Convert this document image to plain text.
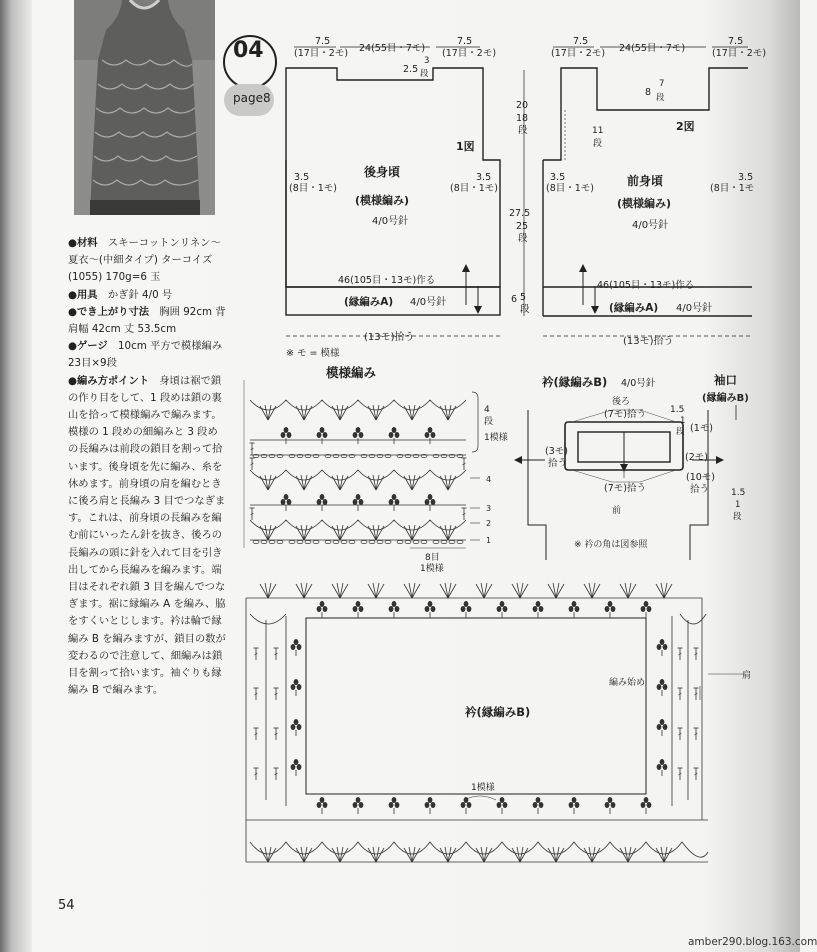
04
page8

●材料　 スキーコットンリネン～夏衣～(中細タイプ) ターコイズ(1055) 170g=6 玉

●用具　 かぎ針 4/0 号

●でき上がり寸法　 胸囲 92cm 背肩幅 42cm 丈 53.5cm

●ゲージ　 10cm 平方で模様編み 23目×9段

●編み方ポイント　 身頃は裾で鎖の作り目をして、1 段めは鎖の裏山を拾って模様編みで編みます。模様の 1 段めの細編みと 3 段めの長編みは前段の鎖目を割って拾います。後身頃を先に編み、糸を休めます。前身頃の肩を編むときに後ろ肩と長編み 3 目でつなぎます。これは、前身頃の長編みを編む前にいったん針を抜き、後ろの長編みの頭に針を入れて目を引き出してから長編みを編みます。端目はそれぞれ鎖 3 目を編んでつなぎます。裾に縁編み A を編み、脇をすくいとじします。衿は輪で縁編み B を編みますが、鎖目の数が変わるので注意して、細編みは鎖目を割って拾います。袖ぐりも縁編み B で編みます。

7.5
(17目・2モ) 24(55目・7モ)
7.5
(17目・2モ)
2.5
3
段
1図
後身頃
(模様編み)
4/0号針
3.5
(8目・1モ)
3.5
(8目・1モ)
46(105目・13モ)作る
(縁編みA) 4/0号針
(13モ)拾う
20
18
段
27.5
25
段
6 5
段
7.5
(17目・2モ) 24(55目・7モ)
7.5
(17目・2モ)
8
7
段
11
段
2図
前身頃
(模様編み)
4/0号針
3.5
(8目・1モ)
3.5
(8目・1モ
46(105目・13モ)作る
(縁編みA) 4/0号針
(13モ)拾う
※ モ = 模様
模様編み
4
段
1模様
4
3
2
1
8目
1模様
衿(縁編みB) 4/0号針
後ろ
(7モ)拾う
(7モ)拾う
前
(3モ)
拾う
(2モ)
(1モ)
(10モ)
拾う
1.5
1
段
※ 衿の角は図参照
袖口
(縁編みB)
1.5
1
段
衿(縁編みB)
編み始め
肩
1模様
54
amber290.blog.163.com
